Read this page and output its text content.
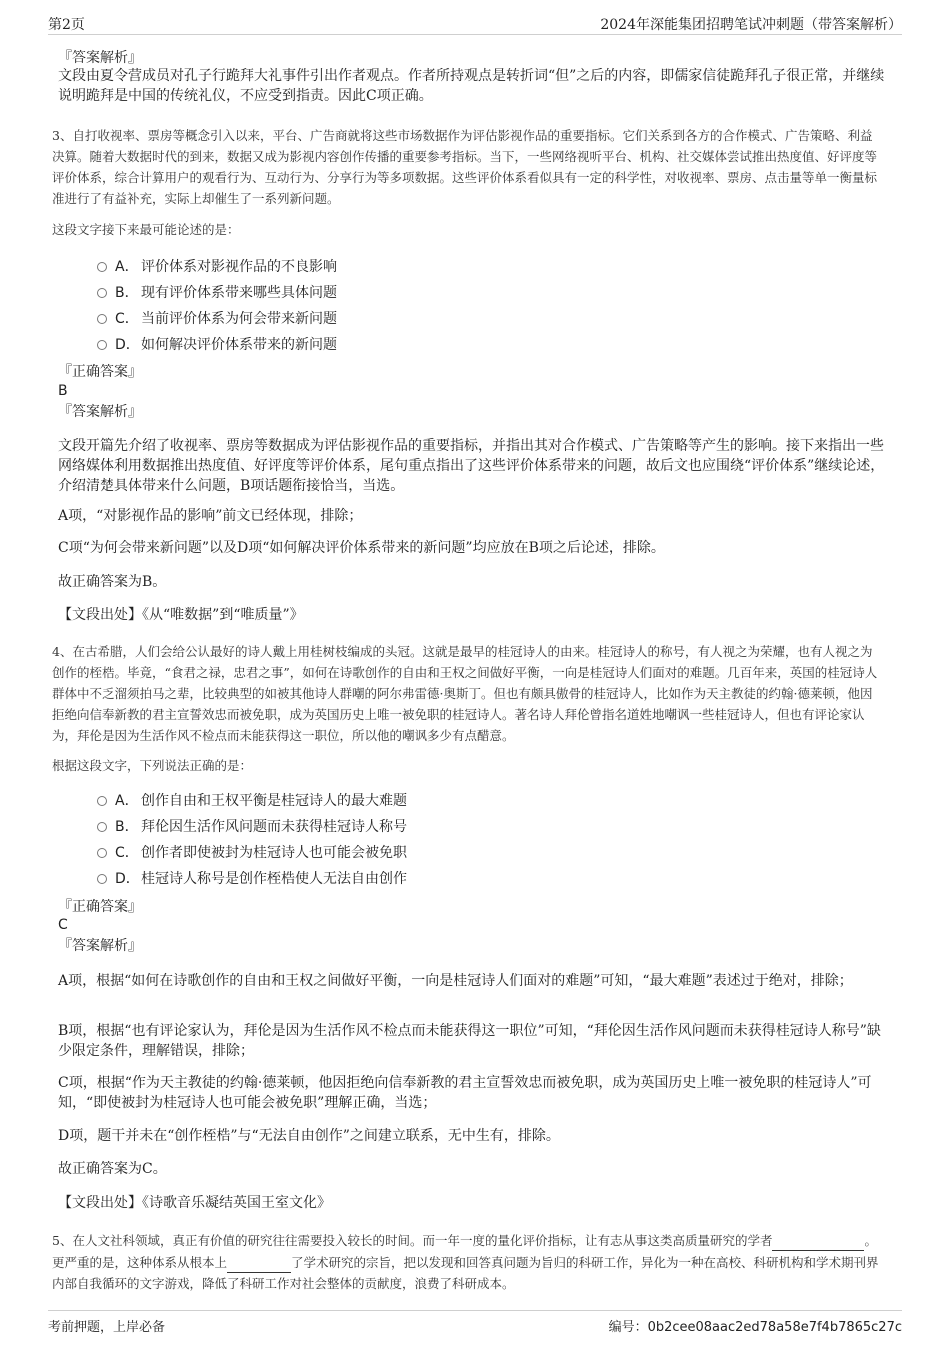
第2页	2024年深能集团招聘笔试冲刺题（带答案解析）
『答案解析』
文段由夏令营成员对孔子行跪拜大礼事件引出作者观点。作者所持观点是转折词“但”之后的内容，即儒家信徒跪拜孔子很正常，并继续说明跪拜是中国的传统礼仪，不应受到指责。因此C项正确。
3、自打收视率、票房等概念引入以来，平台、广告商就将这些市场数据作为评估影视作品的重要指标。它们关系到各方的合作模式、广告策略、利益决算。随着大数据时代的到来，数据又成为影视内容创作传播的重要参考指标。当下，一些网络视听平台、机构、社交媒体尝试推出热度值、好评度等评价体系，综合计算用户的观看行为、互动行为、分享行为等多项数据。这些评价体系看似具有一定的科学性，对收视率、票房、点击量等单一衡量标准进行了有益补充，实际上却催生了一系列新问题。
这段文字接下来最可能论述的是：
A． 评价体系对影视作品的不良影响
B． 现有评价体系带来哪些具体问题
C． 当前评价体系为何会带来新问题
D．如何解决评价体系带来的新问题
『正确答案』
B
『答案解析』
文段开篇先介绍了收视率、票房等数据成为评估影视作品的重要指标，并指出其对合作模式、广告策略等产生的影响。接下来指出一些网络媒体利用数据推出热度值、好评度等评价体系，尾句重点指出了这些评价体系带来的问题，故后文也应围绕“评价体系”继续论述，介绍清楚具体带来什么问题，B项话题衔接恰当，当选。
A项，“对影视作品的影响”前文已经体现，排除；
C项“为何会带来新问题”以及D项“如何解决评价体系带来的新问题”均应放在B项之后论述，排除。
故正确答案为B。
【文段出处】《从“唯数据”到“唯质量”》
4、在古希腊，人们会给公认最好的诗人戴上用桂树枝编成的头冠。这就是最早的桂冠诗人的由来。桂冠诗人的称号，有人视之为荣耀，也有人视之为创作的桎梏。毕竟，“食君之禄，忠君之事”，如何在诗歌创作的自由和王权之间做好平衡，一向是桂冠诗人们面对的难题。几百年来，英国的桂冠诗人群体中不乏溜须拍马之辈，比较典型的如被其他诗人群嘲的阿尔弗雷德·奥斯丁。但也有颇具傲骨的桂冠诗人，比如作为天主教徒的约翰·德莱顿，他因拒绝向信奉新教的君主宣誓效忠而被免职，成为英国历史上唯一被免职的桂冠诗人。著名诗人拜伦曾指名道姓地嘲讽一些桂冠诗人，但也有评论家认为，拜伦是因为生活作风不检点而未能获得这一职位，所以他的嘲讽多少有点醋意。
根据这段文字，下列说法正确的是：
A． 创作自由和王权平衡是桂冠诗人的最大难题
B． 拜伦因生活作风问题而未获得桂冠诗人称号
C． 创作者即使被封为桂冠诗人也可能会被免职
D．桂冠诗人称号是创作桎梏使人无法自由创作
『正确答案』
C
『答案解析』
A项，根据“如何在诗歌创作的自由和王权之间做好平衡，一向是桂冠诗人们面对的难题”可知，“最大难题”表述过于绝对，排除；
B项，根据“也有评论家认为，拜伦是因为生活作风不检点而未能获得这一职位”可知，“拜伦因生活作风问题而未获得桂冠诗人称号”缺少限定条件，理解错误，排除；
C项，根据“作为天主教徒的约翰·德莱顿，他因拒绝向信奉新教的君主宣誓效忠而被免职，成为英国历史上唯一被免职的桂冠诗人”可知，“即使被封为桂冠诗人也可能会被免职”理解正确，当选；
D项，题干并未在“创作桎梏”与“无法自由创作”之间建立联系，无中生有，排除。
故正确答案为C。
【文段出处】《诗歌音乐凝结英国王室文化》
5、在人文社科领域，真正有价值的研究往往需要投入较长的时间。而一年一度的量化评价指标，让有志从事这类高质量研究的学者	。更严重的是，这种体系从根本上	了学术研究的宗旨，把以发现和回答真问题为旨归的科研工作，异化为一种在高校、科研机构和学术期刊界内部自我循环的文字游戏，降低了科研工作对社会整体的贡献度，浪费了科研成本。
考前押题，上岸必备	编号：0b2cee08aac2ed78a58e7f4b7865c27c
